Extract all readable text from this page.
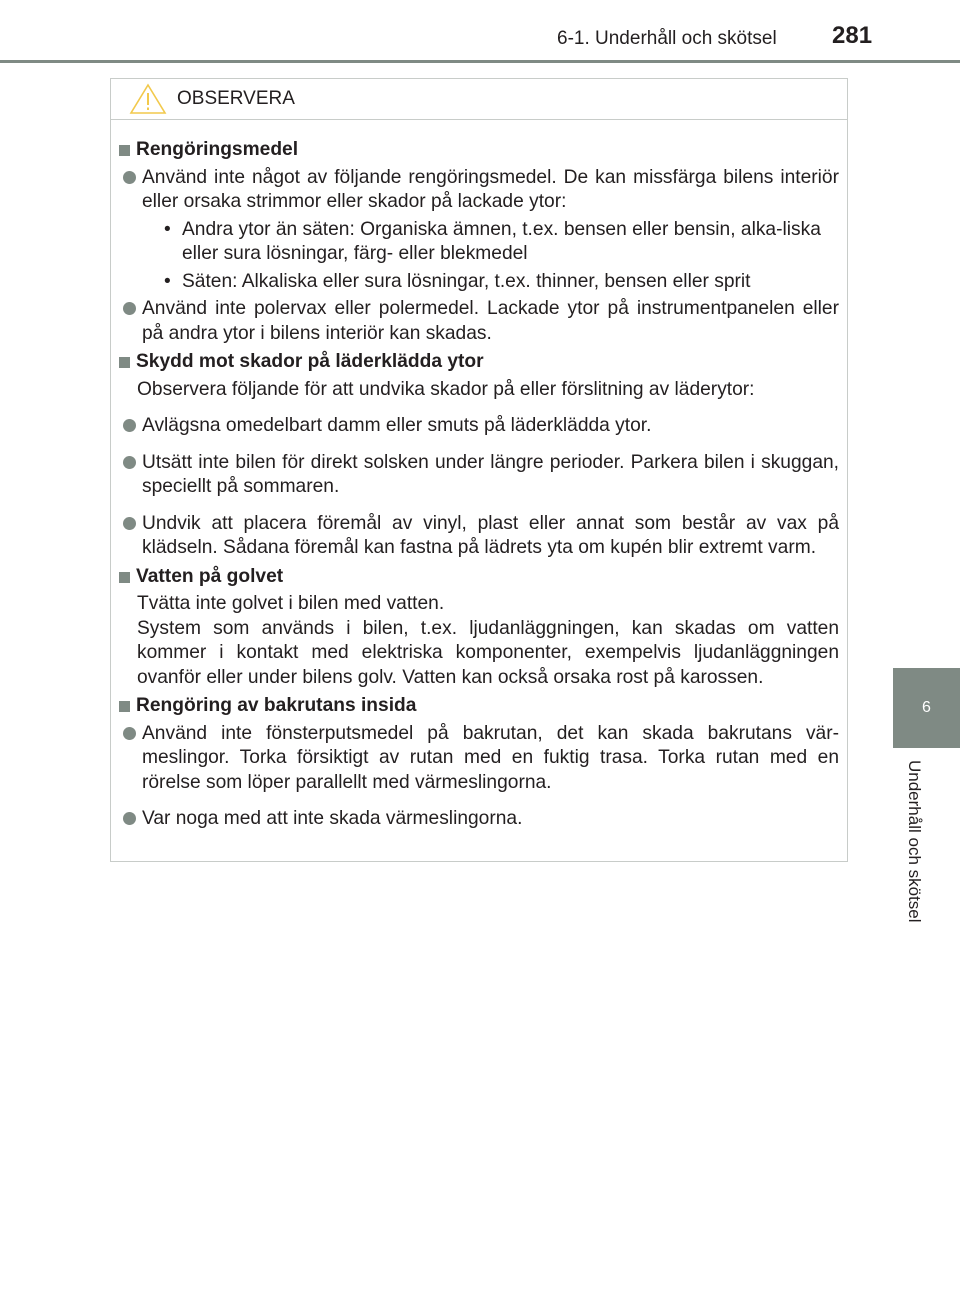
6-1. Underhåll och skötsel 281
6
Underhåll och skötsel
OBSERVERA
Rengöringsmedel
Använd inte något av följande rengöringsmedel. De kan missfärga bilens interiör eller orsaka strimmor eller skador på lackade ytor:
• Andra ytor än säten: Organiska ämnen, t.ex. bensen eller bensin, alka-liska eller sura lösningar, färg- eller blekmedel
• Säten: Alkaliska eller sura lösningar, t.ex. thinner, bensen eller sprit
Använd inte polervax eller polermedel. Lackade ytor på instrumentpanelen eller på andra ytor i bilens interiör kan skadas.
Skydd mot skador på läderklädda ytor
Observera följande för att undvika skador på eller förslitning av läderytor:
Avlägsna omedelbart damm eller smuts på läderklädda ytor.
Utsätt inte bilen för direkt solsken under längre perioder. Parkera bilen i skuggan, speciellt på sommaren.
Undvik att placera föremål av vinyl, plast eller annat som består av vax på klädseln. Sådana föremål kan fastna på lädrets yta om kupén blir extremt varm.
Vatten på golvet
Tvätta inte golvet i bilen med vatten.
System som används i bilen, t.ex. ljudanläggningen, kan skadas om vatten kommer i kontakt med elektriska komponenter, exempelvis ljudanläggningen ovanför eller under bilens golv. Vatten kan också orsaka rost på karossen.
Rengöring av bakrutans insida
Använd inte fönsterputsmedel på bakrutan, det kan skada bakrutans vär-meslingor. Torka försiktigt av rutan med en fuktig trasa. Torka rutan med en rörelse som löper parallellt med värmeslingorna.
Var noga med att inte skada värmeslingorna.
